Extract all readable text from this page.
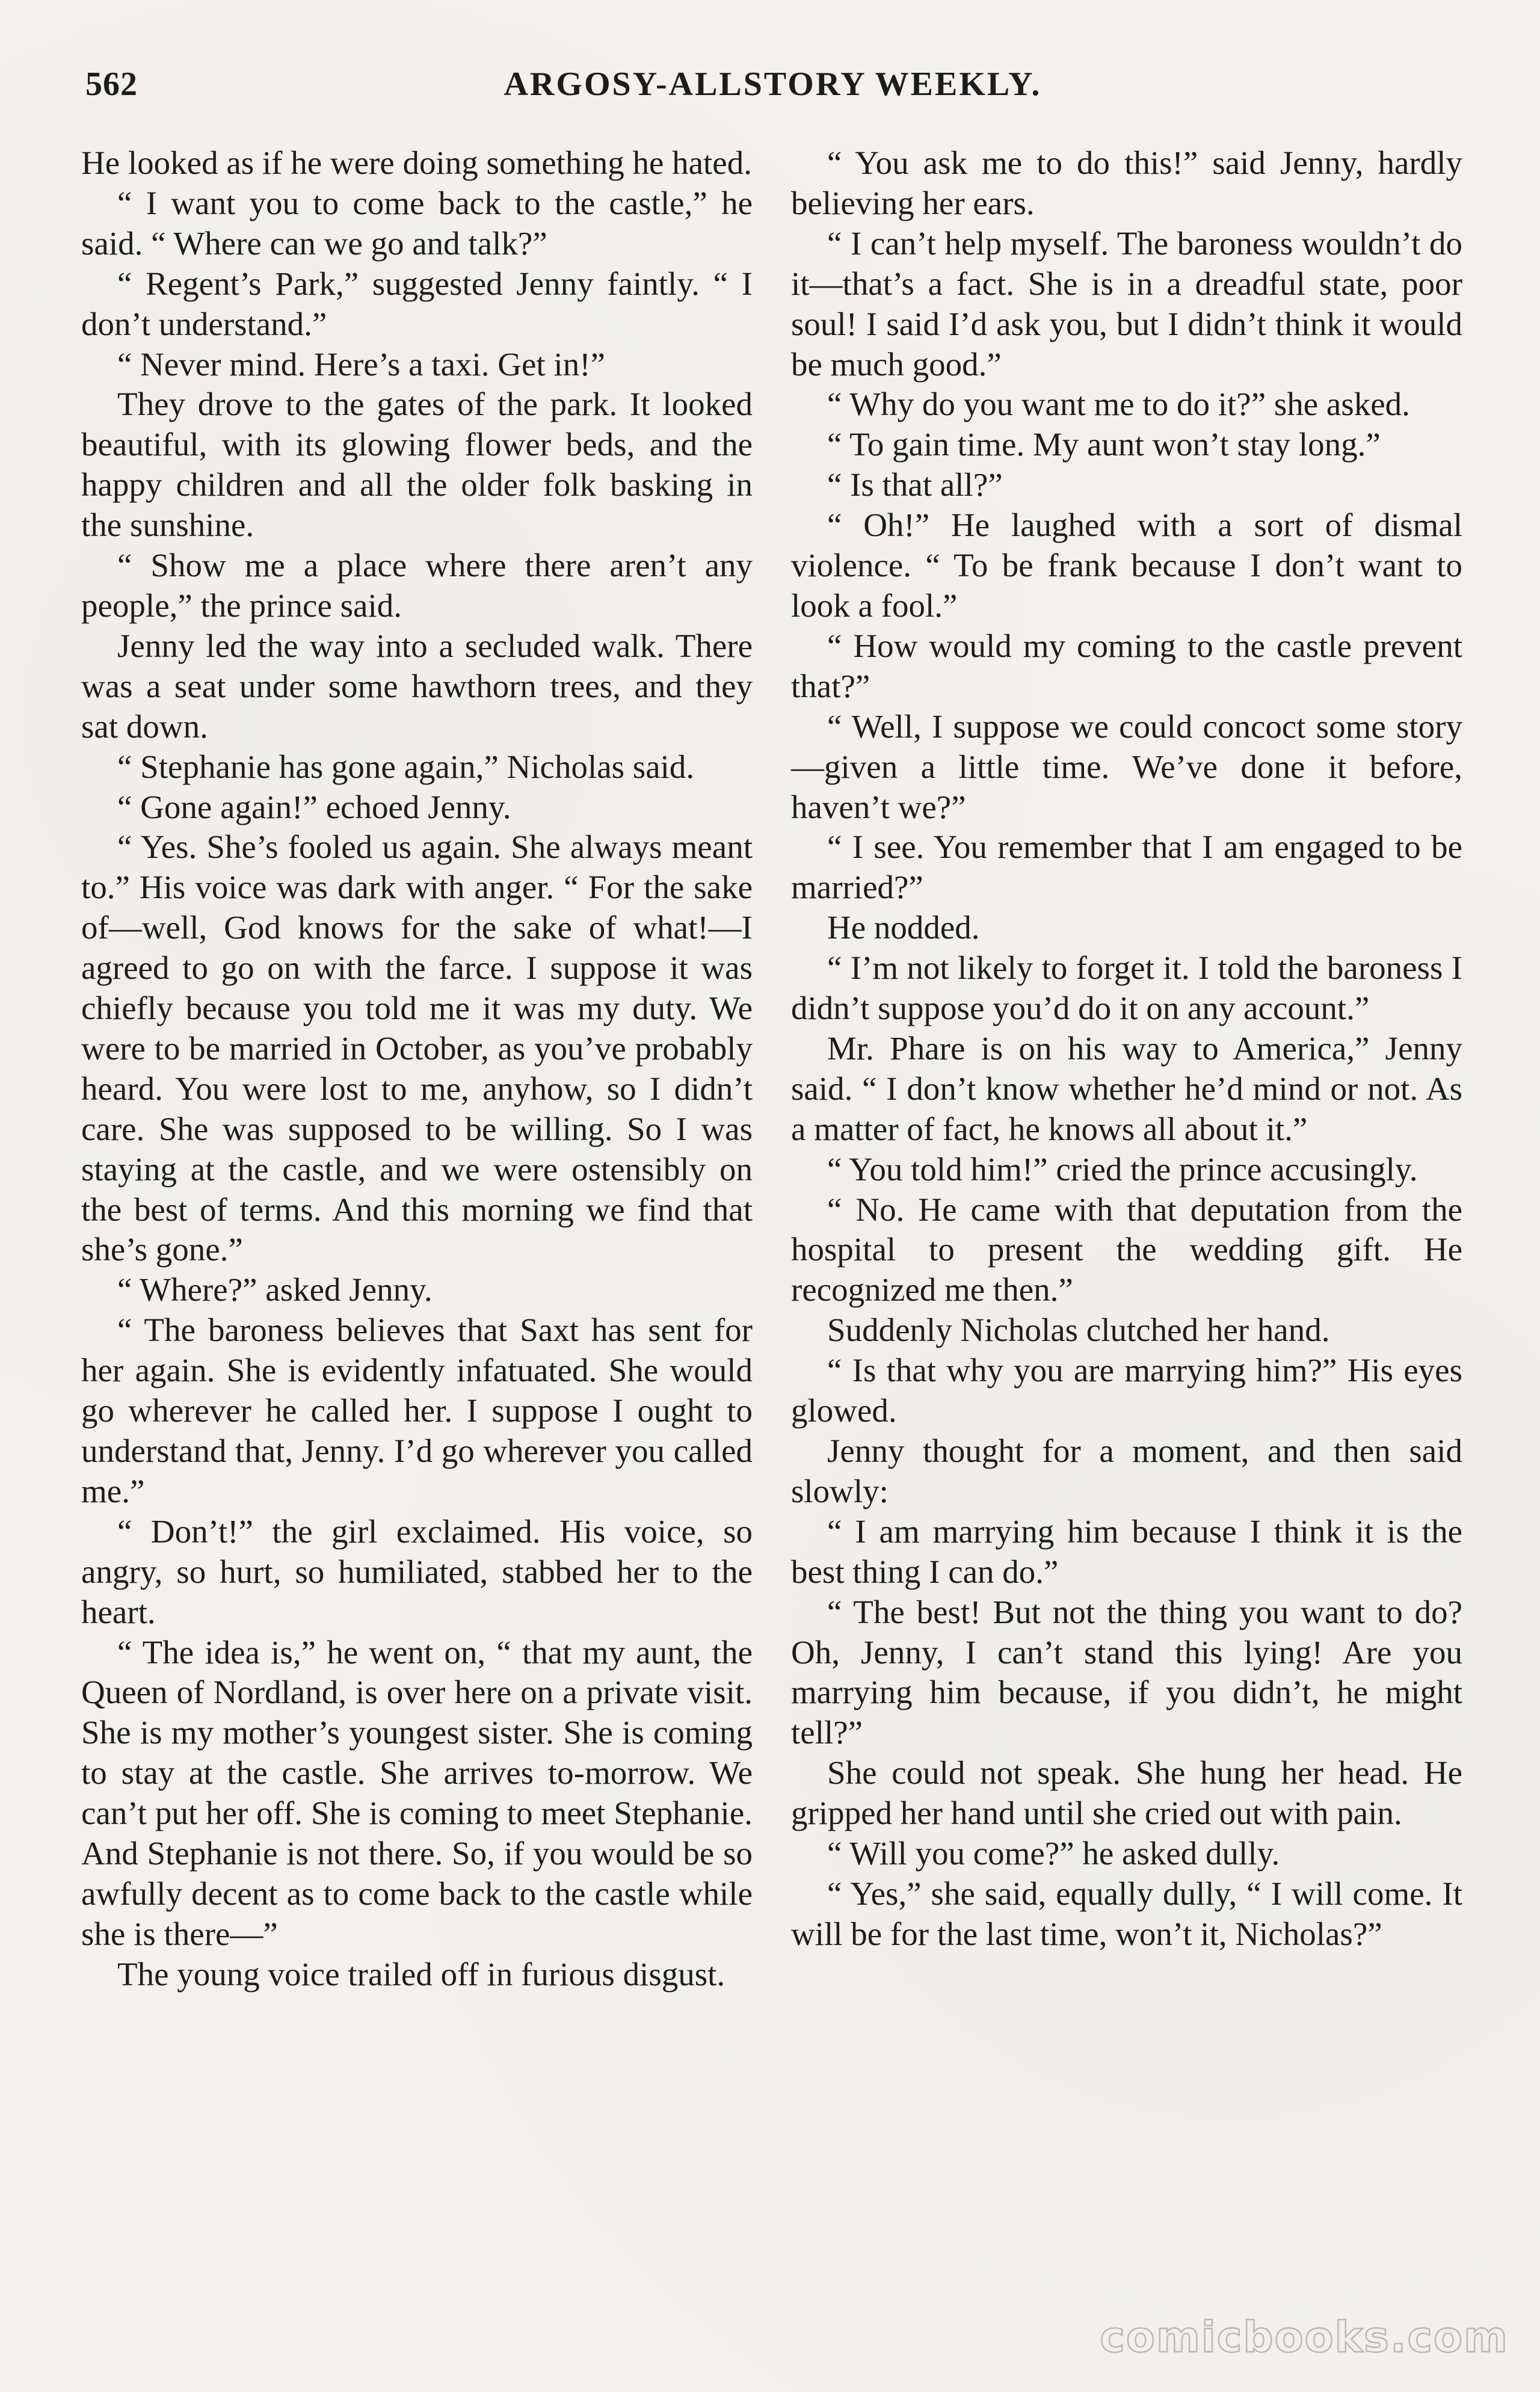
562	ARGOSY-ALLSTORY WEEKLY.

He looked as if he were doing something he hated.

“ I want you to come back to the castle,” he said. “ Where can we go and talk?”

“ Regent’s Park,” suggested Jenny faintly. “ I don’t understand.”

“ Never mind. Here’s a taxi. Get in!”

They drove to the gates of the park. It looked beautiful, with its glowing flower beds, and the happy children and all the older folk basking in the sunshine.

“ Show me a place where there aren’t any people,” the prince said.

Jenny led the way into a secluded walk. There was a seat under some hawthorn trees, and they sat down.

“ Stephanie has gone again,” Nicholas said.

“ Gone again!” echoed Jenny.

“ Yes. She’s fooled us again. She always meant to.” His voice was dark with anger. “ For the sake of—well, God knows for the sake of what!—I agreed to go on with the farce. I suppose it was chiefly because you told me it was my duty. We were to be married in October, as you’ve probably heard. You were lost to me, anyhow, so I didn’t care. She was supposed to be willing. So I was staying at the castle, and we were ostensibly on the best of terms. And this morning we find that she’s gone.”

“ Where?” asked Jenny.

“ The baroness believes that Saxt has sent for her again. She is evidently infatuated. She would go wherever he called her. I suppose I ought to understand that, Jenny. I’d go wherever you called me.”

“ Don’t!” the girl exclaimed. His voice, so angry, so hurt, so humiliated, stabbed her to the heart.

“ The idea is,” he went on, “ that my aunt, the Queen of Nordland, is over here on a private visit. She is my mother’s youngest sister. She is coming to stay at the castle. She arrives to-morrow. We can’t put her off. She is coming to meet Stephanie. And Stephanie is not there. So, if you would be so awfully decent as to come back to the castle while she is there—”

The young voice trailed off in furious disgust.

“ You ask me to do this!” said Jenny, hardly believing her ears.

“ I can’t help myself. The baroness wouldn’t do it—that’s a fact. She is in a dreadful state, poor soul! I said I’d ask you, but I didn’t think it would be much good.”

“ Why do you want me to do it?” she asked.

“ To gain time. My aunt won’t stay long.”

“ Is that all?”

“ Oh!” He laughed with a sort of dismal violence. “ To be frank because I don’t want to look a fool.”

“ How would my coming to the castle prevent that?”

“ Well, I suppose we could concoct some story—given a little time. We’ve done it before, haven’t we?”

“ I see. You remember that I am engaged to be married?”

He nodded.

“ I’m not likely to forget it. I told the baroness I didn’t suppose you’d do it on any account.”

Mr. Phare is on his way to America,” Jenny said. “ I don’t know whether he’d mind or not. As a matter of fact, he knows all about it.”

“ You told him!” cried the prince accusingly.

“ No. He came with that deputation from the hospital to present the wedding gift. He recognized me then.”

Suddenly Nicholas clutched her hand.

“ Is that why you are marrying him?” His eyes glowed.

Jenny thought for a moment, and then said slowly:

“ I am marrying him because I think it is the best thing I can do.”

“ The best! But not the thing you want to do? Oh, Jenny, I can’t stand this lying! Are you marrying him because, if you didn’t, he might tell?”

She could not speak. She hung her head. He gripped her hand until she cried out with pain.

“ Will you come?” he asked dully.

“ Yes,” she said, equally dully, “ I will come. It will be for the last time, won’t it, Nicholas?”

comicbooks.com
